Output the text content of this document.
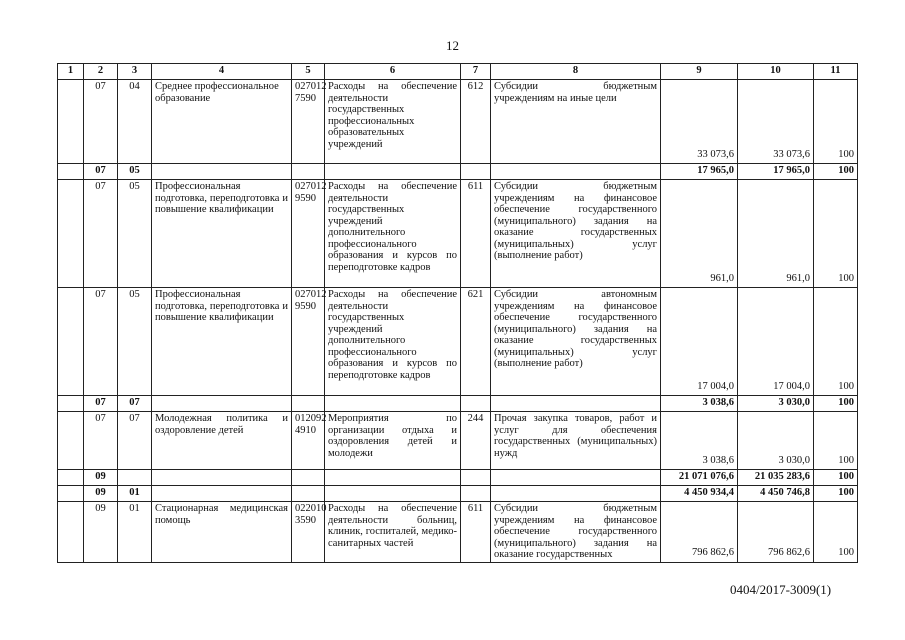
12
1	2	3	4	5	6	7	8	9	10	11
	07	04	Среднее профессиональное образование	027012 7590	Расходы на обеспечение деятельности государственных профессиональных образовательных учреждений	612	Субсидии бюджетным учреждениям на иные цели	33 073,6	33 073,6	100
	07	05						17 965,0	17 965,0	100
	07	05	Профессиональная подготовка, переподготовка и повышение квалификации	027012 9590	Расходы на обеспечение деятельности государственных учреждений дополнительного профессионального образования и курсов по переподготовке кадров	611	Субсидии бюджетным учреждениям на финансовое обеспечение государственного (муниципального) задания на оказание государственных (муниципальных) услуг (выполнение работ)	961,0	961,0	100
	07	05	Профессиональная подготовка, переподготовка и повышение квалификации	027012 9590	Расходы на обеспечение деятельности государственных учреждений дополнительного профессионального образования и курсов по переподготовке кадров	621	Субсидии автономным учреждениям на финансовое обеспечение государственного (муниципального) задания на оказание государственных (муниципальных) услуг (выполнение работ)	17 004,0	17 004,0	100
	07	07						3 038,6	3 030,0	100
	07	07	Молодежная политика и оздоровление детей	012092 4910	Мероприятия по организации отдыха и оздоровления детей и молодежи	244	Прочая закупка товаров, работ и услуг для обеспечения государственных (муниципальных) нужд	3 038,6	3 030,0	100
	09							21 071 076,6	21 035 283,6	100
	09	01						4 450 934,4	4 450 746,8	100
	09	01	Стационарная медицинская помощь	022010 3590	Расходы на обеспечение деятельности больниц, клиник, госпиталей, медико-санитарных частей	611	Субсидии бюджетным учреждениям на финансовое обеспечение государственного (муниципального) задания на оказание государственных	796 862,6	796 862,6	100
0404/2017-3009(1)
